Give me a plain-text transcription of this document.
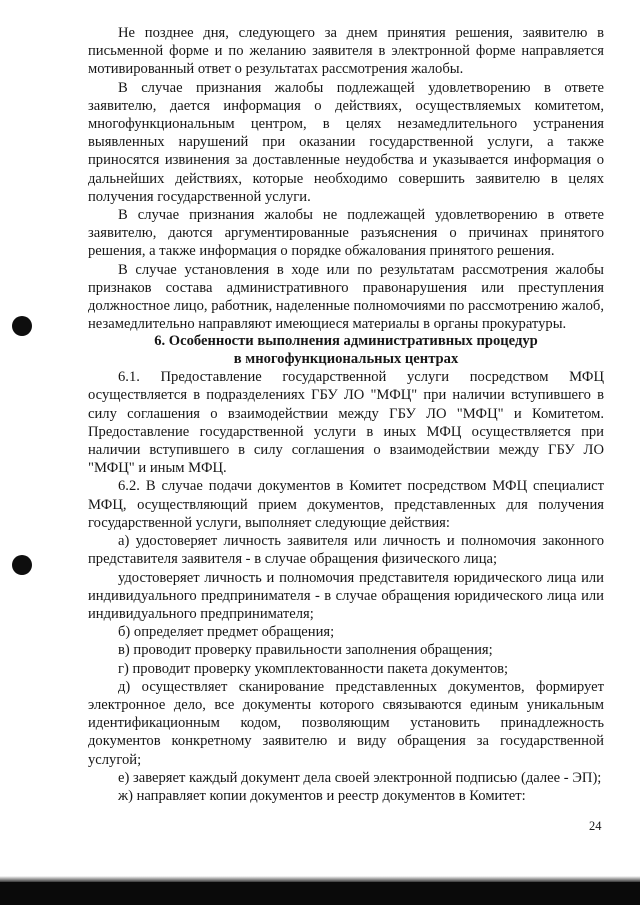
Не позднее дня, следующего за днем принятия решения, заявителю в письменной форме и по желанию заявителя в электронной форме направляется мотивированный ответ о результатах рассмотрения жалобы.

В случае признания жалобы подлежащей удовлетворению в ответе заявителю, дается информация о действиях, осуществляемых комитетом, многофункциональным центром, в целях незамедлительного устранения выявленных нарушений при оказании государственной услуги, а также приносятся извинения за доставленные неудобства и указывается информация о дальнейших действиях, которые необходимо совершить заявителю в целях получения государственной услуги.

В случае признания жалобы не подлежащей удовлетворению в ответе заявителю, даются аргументированные разъяснения о причинах принятого решения, а также информация о порядке обжалования принятого решения.

В случае установления в ходе или по результатам рассмотрения жалобы признаков состава административного правонарушения или преступления должностное лицо, работник, наделенные полномочиями по рассмотрению жалоб, незамедлительно направляют имеющиеся материалы в органы прокуратуры.

6. Особенности выполнения административных процедур
в многофункциональных центрах

6.1. Предоставление государственной услуги посредством МФЦ осуществляется в подразделениях ГБУ ЛО "МФЦ" при наличии вступившего в силу соглашения о взаимодействии между ГБУ ЛО "МФЦ" и Комитетом. Предоставление государственной услуги в иных МФЦ осуществляется при наличии вступившего в силу соглашения о взаимодействии между ГБУ ЛО "МФЦ" и иным МФЦ.

6.2. В случае подачи документов в Комитет посредством МФЦ специалист МФЦ, осуществляющий прием документов, представленных для получения государственной услуги, выполняет следующие действия:

а) удостоверяет личность заявителя или личность и полномочия законного представителя заявителя - в случае обращения физического лица;

удостоверяет личность и полномочия представителя юридического лица или индивидуального предпринимателя - в случае обращения юридического лица или индивидуального предпринимателя;

б) определяет предмет обращения;

в) проводит проверку правильности заполнения обращения;

г) проводит проверку укомплектованности пакета документов;

д) осуществляет сканирование представленных документов, формирует электронное дело, все документы которого связываются единым уникальным идентификационным кодом, позволяющим установить принадлежность документов конкретному заявителю и виду обращения за государственной услугой;

е) заверяет каждый документ дела своей электронной подписью (далее - ЭП);

ж) направляет копии документов и реестр документов в Комитет:

24
